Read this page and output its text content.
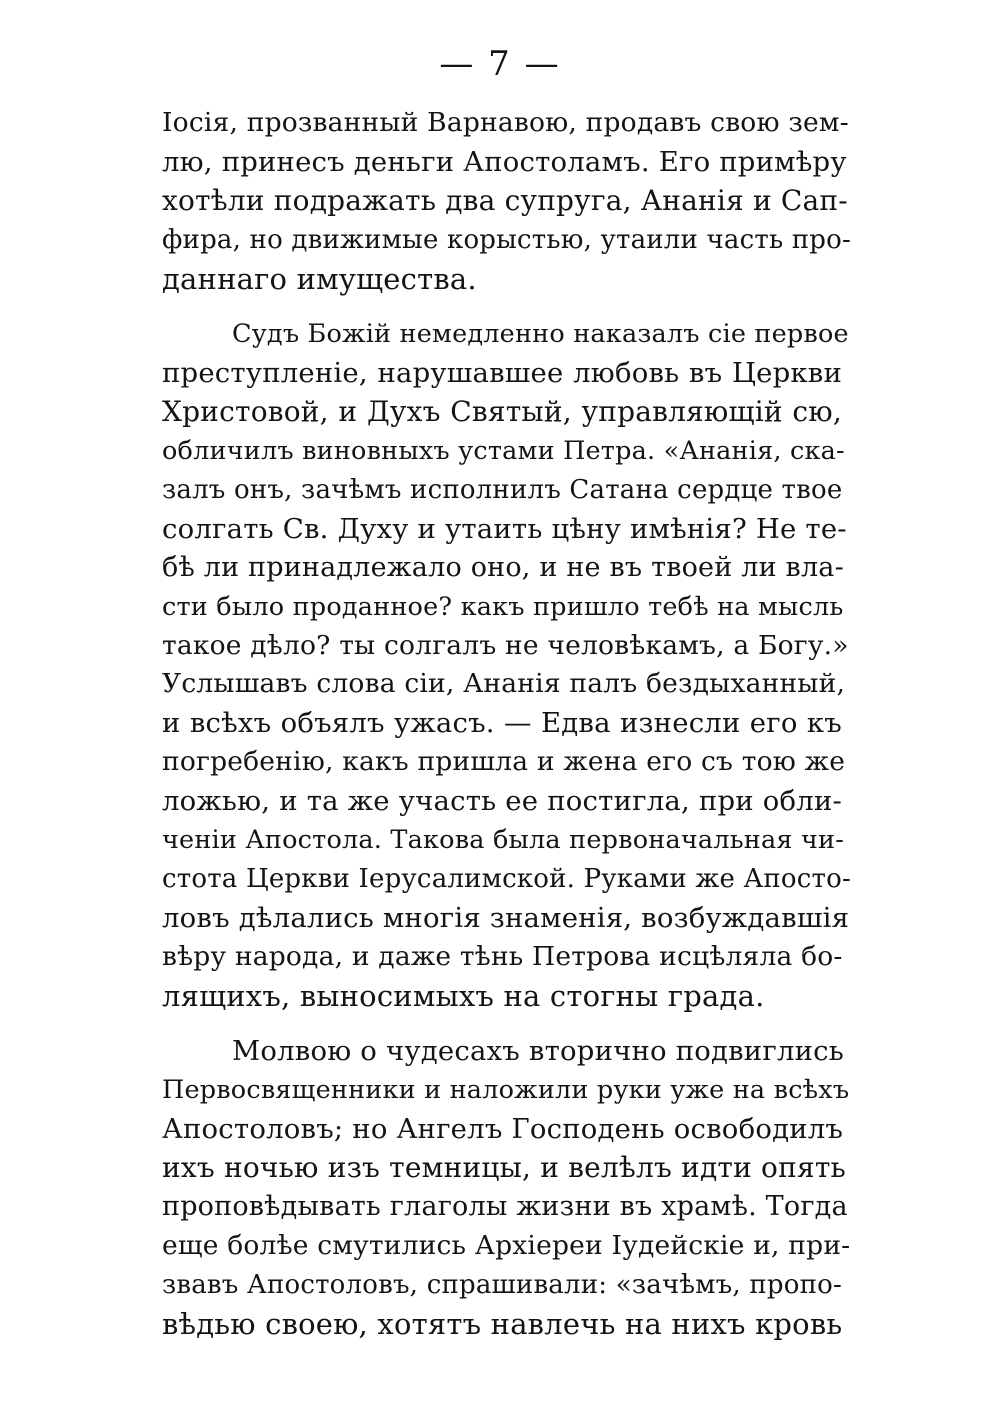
— 7 —
Іосія, прозванный Варнавою, продавъ свою зем-
лю, принесъ деньги Апостоламъ. Его примѣру
хотѣли подражать два супруга, Ананія и Сап-
фира, но движимые корыстью, утаили часть про-
даннаго имущества.
Судъ Божій немедленно наказалъ сіе первое
преступленіе, нарушавшее любовь въ Церкви
Христовой, и Духъ Святый, управляющій сю,
обличилъ виновныхъ устами Петра. «Ананія, ска-
залъ онъ, зачѣмъ исполнилъ Сатана сердце твое
солгать Св. Духу и утаить цѣну имѣнія? Не те-
бѣ ли принадлежало оно, и не въ твоей ли вла-
сти было проданное? какъ пришло тебѣ на мысль
такое дѣло? ты солгалъ не человѣкамъ, а Богу.»
Услышавъ слова сіи, Ананія палъ бездыханный,
и всѣхъ объялъ ужасъ. — Едва изнесли его къ
погребенію, какъ пришла и жена его съ тою же
ложью, и та же участь ее постигла, при обли-
ченіи Апостола. Такова была первоначальная чи-
стота Церкви Іерусалимской. Руками же Апосто-
ловъ дѣлались многія знаменія, возбуждавшія
вѣру народа, и даже тѣнь Петрова исцѣляла бо-
лящихъ, выносимыхъ на стогны града.
Молвою о чудесахъ вторично подвиглись
Первосвященники и наложили руки уже на всѣхъ
Апостоловъ; но Ангелъ Господень освободилъ
ихъ ночью изъ темницы, и велѣлъ идти опять
проповѣдывать глаголы жизни въ храмѣ. Тогда
еще болѣе смутились Архіереи Іудейскіе и, при-
звавъ Апостоловъ, спрашивали: «зачѣмъ, пропо-
вѣдью своею, хотятъ навлечь на нихъ кровь
